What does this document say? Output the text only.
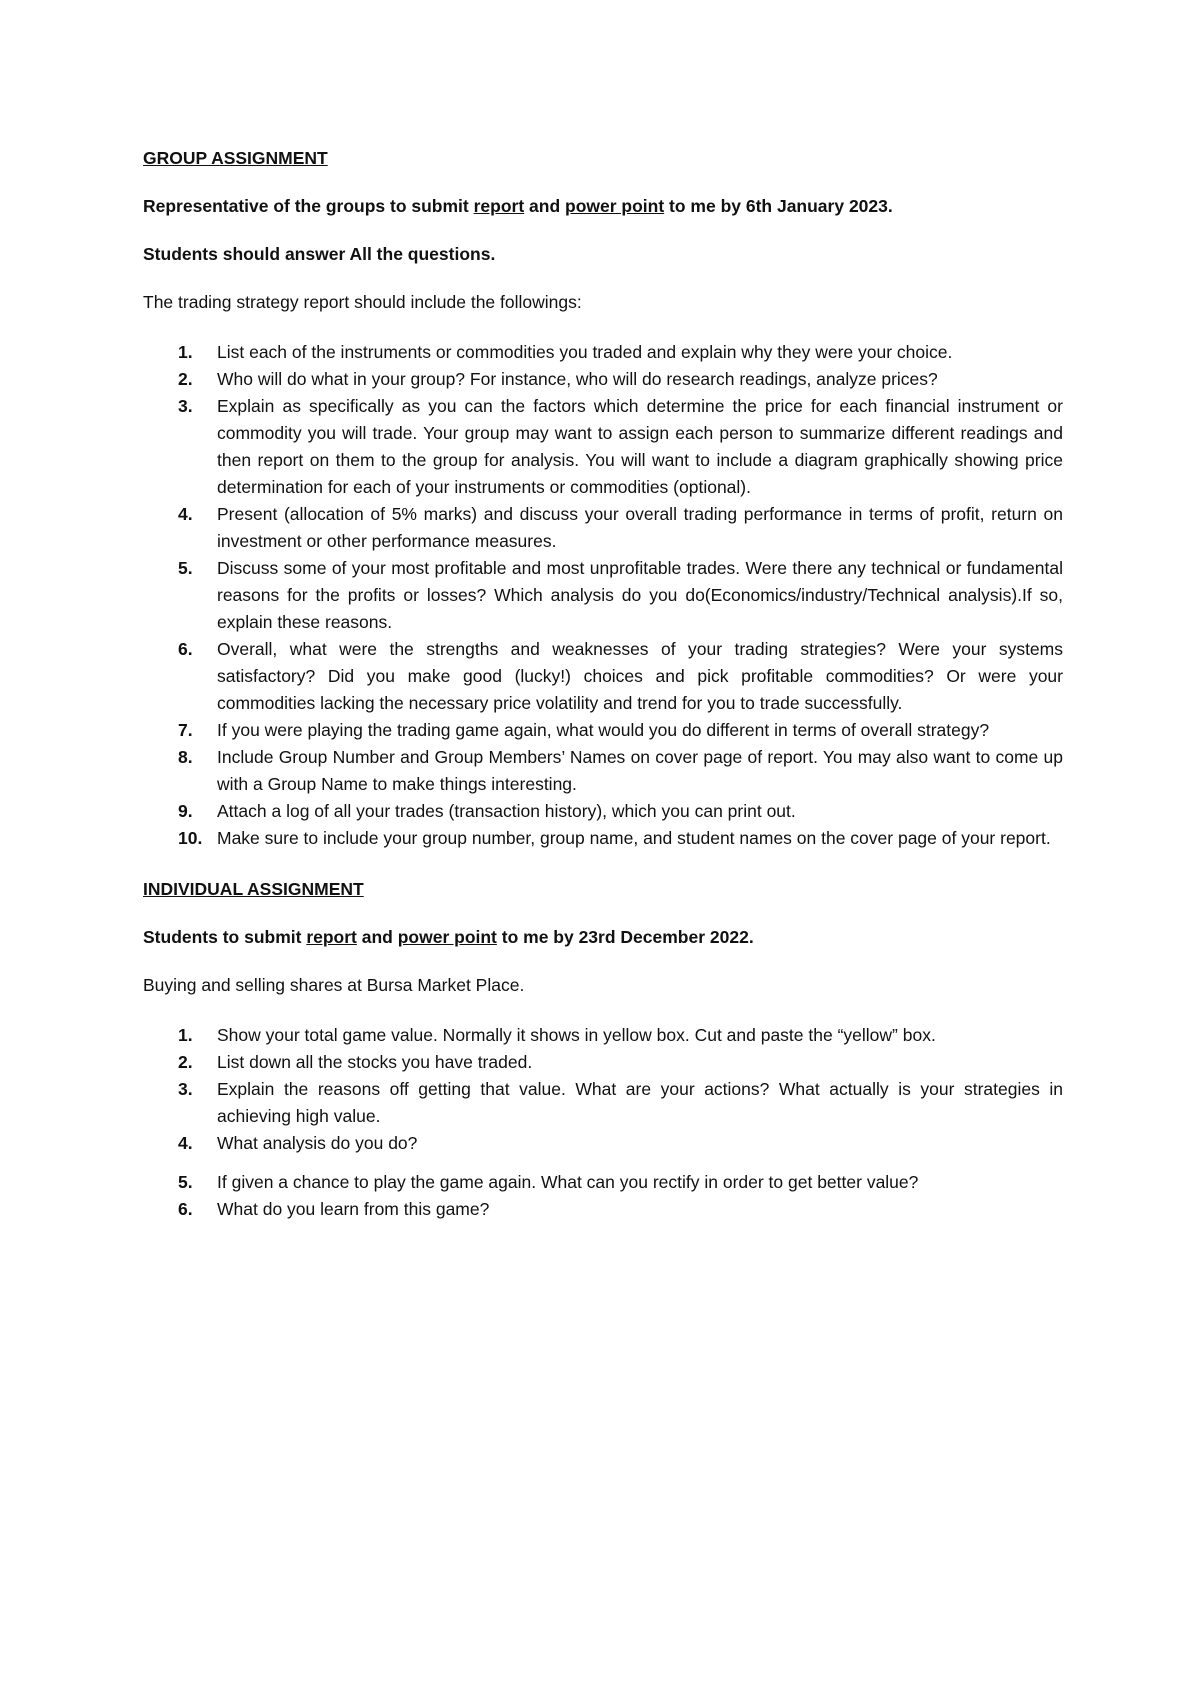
GROUP ASSIGNMENT
Representative of the groups to submit report and power point to me by 6th January 2023.
Students should answer All the questions.
The trading strategy report should include the followings:
1.	List each of the instruments or commodities you traded and explain why they were your choice.
2.	Who will do what in your group? For instance, who will do research readings, analyze prices?
3.	Explain as specifically as you can the factors which determine the price for each financial instrument or commodity you will trade. Your group may want to assign each person to summarize different readings and then report on them to the group for analysis. You will want to include a diagram graphically showing price determination for each of your instruments or commodities (optional).
4.	Present (allocation of 5% marks) and discuss your overall trading performance in terms of profit, return on investment or other performance measures.
5.	Discuss some of your most profitable and most unprofitable trades. Were there any technical or fundamental reasons for the profits or losses? Which analysis do you do(Economics/industry/Technical analysis).If so, explain these reasons.
6.	Overall, what were the strengths and weaknesses of your trading strategies? Were your systems satisfactory? Did you make good (lucky!) choices and pick profitable commodities? Or were your commodities lacking the necessary price volatility and trend for you to trade successfully.
7.	If you were playing the trading game again, what would you do different in terms of overall strategy?
8.	Include Group Number and Group Members’ Names on cover page of report. You may also want to come up with a Group Name to make things interesting.
9.	Attach a log of all your trades (transaction history), which you can print out.
10. Make sure to include your group number, group name, and student names on the cover page of your report.
INDIVIDUAL ASSIGNMENT
Students to submit report and power point to me by 23rd December 2022.
Buying and selling shares at Bursa Market Place.
1.	Show your total game value. Normally it shows in yellow box. Cut and paste the “yellow” box.
2.	List down all the stocks you have traded.
3.	Explain the reasons off getting that value. What are your actions? What actually is your strategies in achieving high value.
4.	What analysis do you do?
5.	If given a chance to play the game again. What can you rectify in order to get better value?
6.	What do you learn from this game?
